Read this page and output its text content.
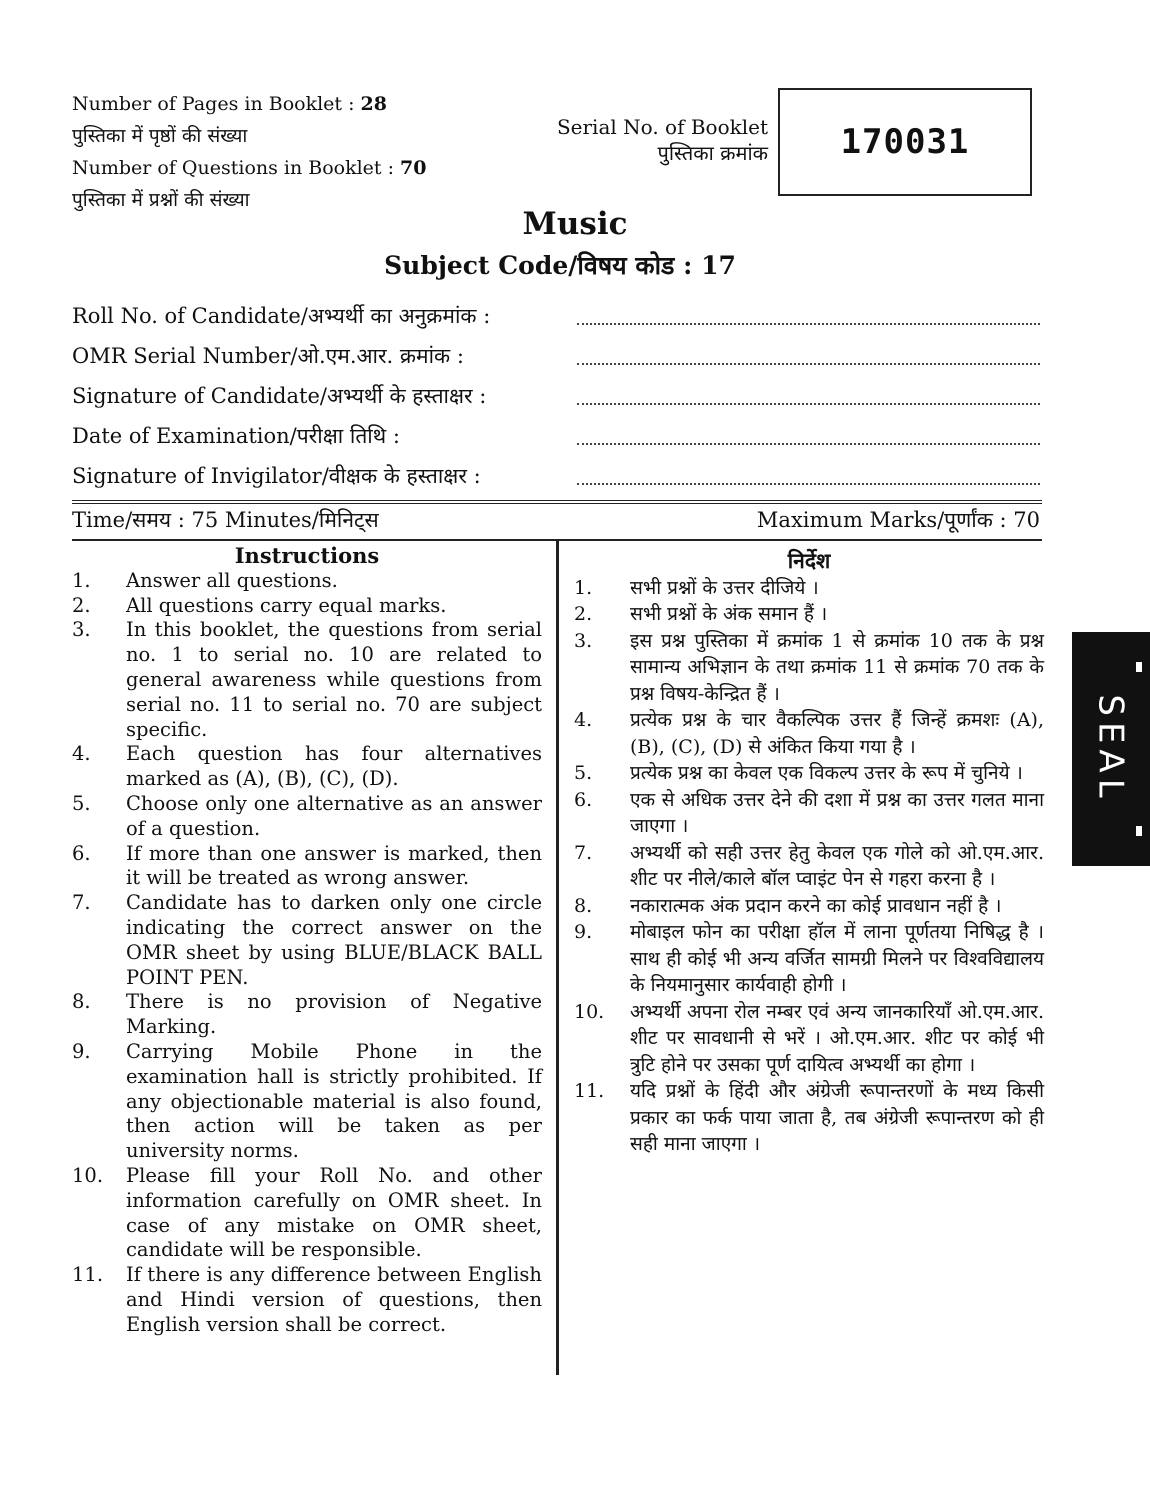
Number of Pages in Booklet : 28
पुस्तिका में पृष्ठों की संख्या
Number of Questions in Booklet : 70
पुस्तिका में प्रश्नों की संख्या
Serial No. of Booklet
पुस्तिका क्रमांक 170031
Music
Subject Code/विषय कोड : 17
Roll No. of Candidate/अभ्यर्थी का अनुक्रमांक :
OMR Serial Number/ओ.एम.आर. क्रमांक :
Signature of Candidate/अभ्यर्थी के हस्ताक्षर :
Date of Examination/परीक्षा तिथि :
Signature of Invigilator/वीक्षक के हस्ताक्षर :
Time/समय : 75 Minutes/मिनिट्स	Maximum Marks/पूर्णांक : 70
Instructions
1.	Answer all questions.
2.	All questions carry equal marks.
3.	In this booklet, the questions from serial no. 1 to serial no. 10 are related to general awareness while questions from serial no. 11 to serial no. 70 are subject specific.
4.	Each question has four alternatives marked as (A), (B), (C), (D).
5.	Choose only one alternative as an answer of a question.
6.	If more than one answer is marked, then it will be treated as wrong answer.
7.	Candidate has to darken only one circle indicating the correct answer on the OMR sheet by using BLUE/BLACK BALL POINT PEN.
8.	There is no provision of Negative Marking.
9.	Carrying Mobile Phone in the examination hall is strictly prohibited. If any objectionable material is also found, then action will be taken as per university norms.
10.	Please fill your Roll No. and other information carefully on OMR sheet. In case of any mistake on OMR sheet, candidate will be responsible.
11.	If there is any difference between English and Hindi version of questions, then English version shall be correct.
निर्देश
1.	सभी प्रश्नों के उत्तर दीजिये ।
2.	सभी प्रश्नों के अंक समान हैं ।
3.	इस प्रश्न पुस्तिका में क्रमांक 1 से क्रमांक 10 तक के प्रश्न सामान्य अभिज्ञान के तथा क्रमांक 11 से क्रमांक 70 तक के प्रश्न विषय-केन्द्रित हैं ।
4.	प्रत्येक प्रश्न के चार वैकल्पिक उत्तर हैं जिन्हें क्रमशः (A), (B), (C), (D) से अंकित किया गया है ।
5.	प्रत्येक प्रश्न का केवल एक विकल्प उत्तर के रूप में चुनिये ।
6.	एक से अधिक उत्तर देने की दशा में प्रश्न का उत्तर गलत माना जाएगा ।
7.	अभ्यर्थी को सही उत्तर हेतु केवल एक गोले को ओ.एम.आर. शीट पर नीले/काले बॉल प्वाइंट पेन से गहरा करना है ।
8.	नकारात्मक अंक प्रदान करने का कोई प्रावधान नहीं है ।
9.	मोबाइल फोन का परीक्षा हॉल में लाना पूर्णतया निषिद्ध है । साथ ही कोई भी अन्य वर्जित सामग्री मिलने पर विश्वविद्यालय के नियमानुसार कार्यवाही होगी ।
10.	अभ्यर्थी अपना रोल नम्बर एवं अन्य जानकारियाँ ओ.एम.आर. शीट पर सावधानी से भरें । ओ.एम.आर. शीट पर कोई भी त्रुटि होने पर उसका पूर्ण दायित्व अभ्यर्थी का होगा ।
11.	यदि प्रश्नों के हिंदी और अंग्रेजी रूपान्तरणों के मध्य किसी प्रकार का फर्क पाया जाता है, तब अंग्रेजी रूपान्तरण को ही सही माना जाएगा ।
SEAL
